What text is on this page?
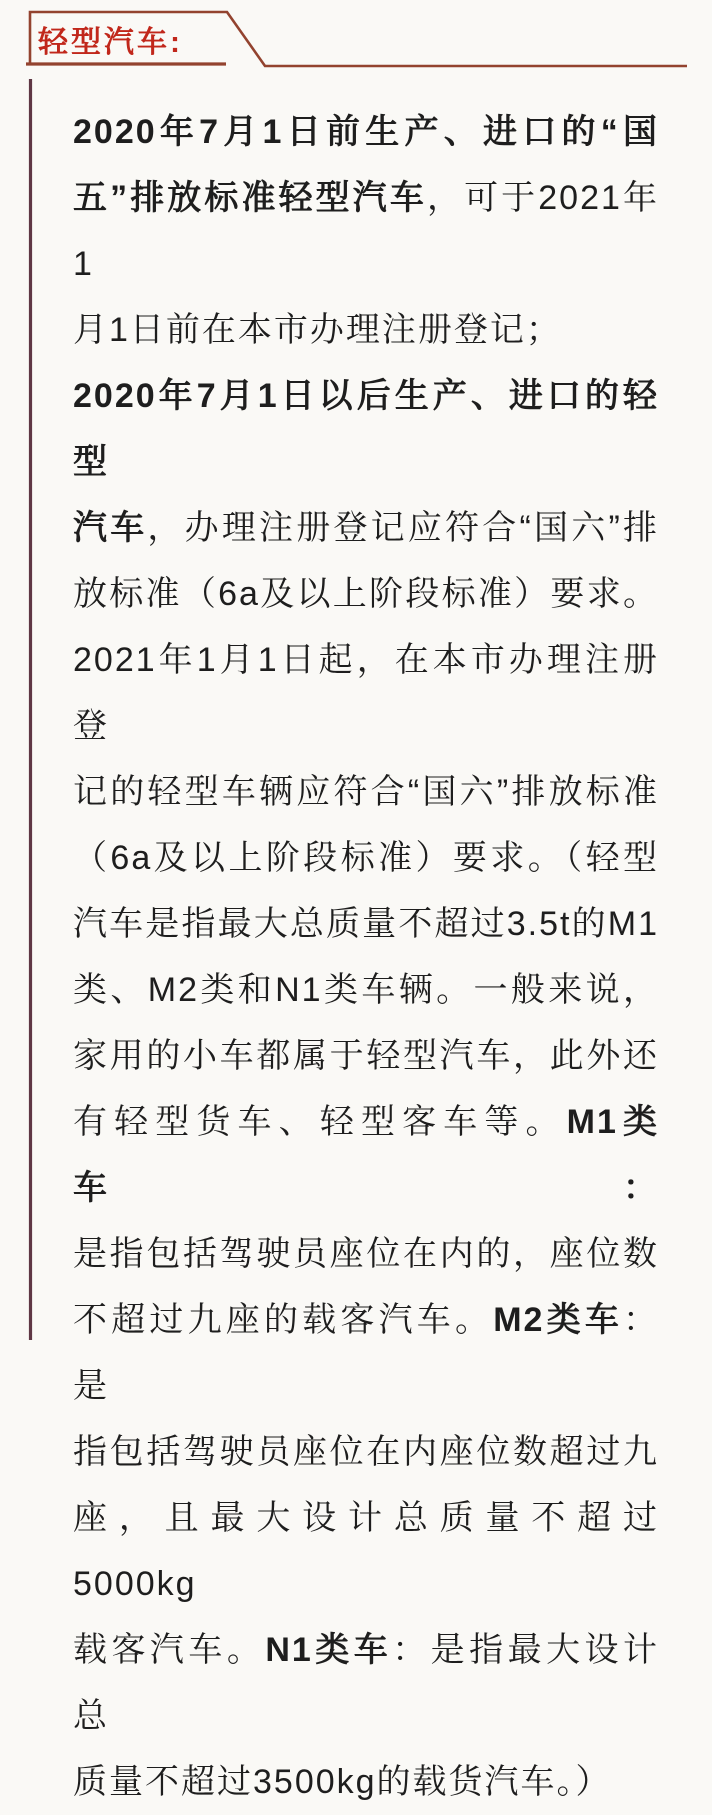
轻型汽车:
2020年7月1日前生产、进口的“国
五”排放标准轻型汽车，可于2021年1
月1日前在本市办理注册登记；
2020年7月1日以后生产、进口的轻型
汽车，办理注册登记应符合“国六”排
放标准（6a及以上阶段标准）要求。
2021年1月1日起，在本市办理注册登
记的轻型车辆应符合“国六”排放标准
（6a及以上阶段标准）要求。（轻型
汽车是指最大总质量不超过3.5t的M1
类、M2类和N1类车辆。一般来说，
家用的小车都属于轻型汽车，此外还
有轻型货车、轻型客车等。M1类车：
是指包括驾驶员座位在内的，座位数
不超过九座的载客汽车。M2类车：是
指包括驾驶员座位在内座位数超过九
座，且最大设计总质量不超过5000kg
载客汽车。N1类车：是指最大设计总
质量不超过3500kg的载货汽车。）
